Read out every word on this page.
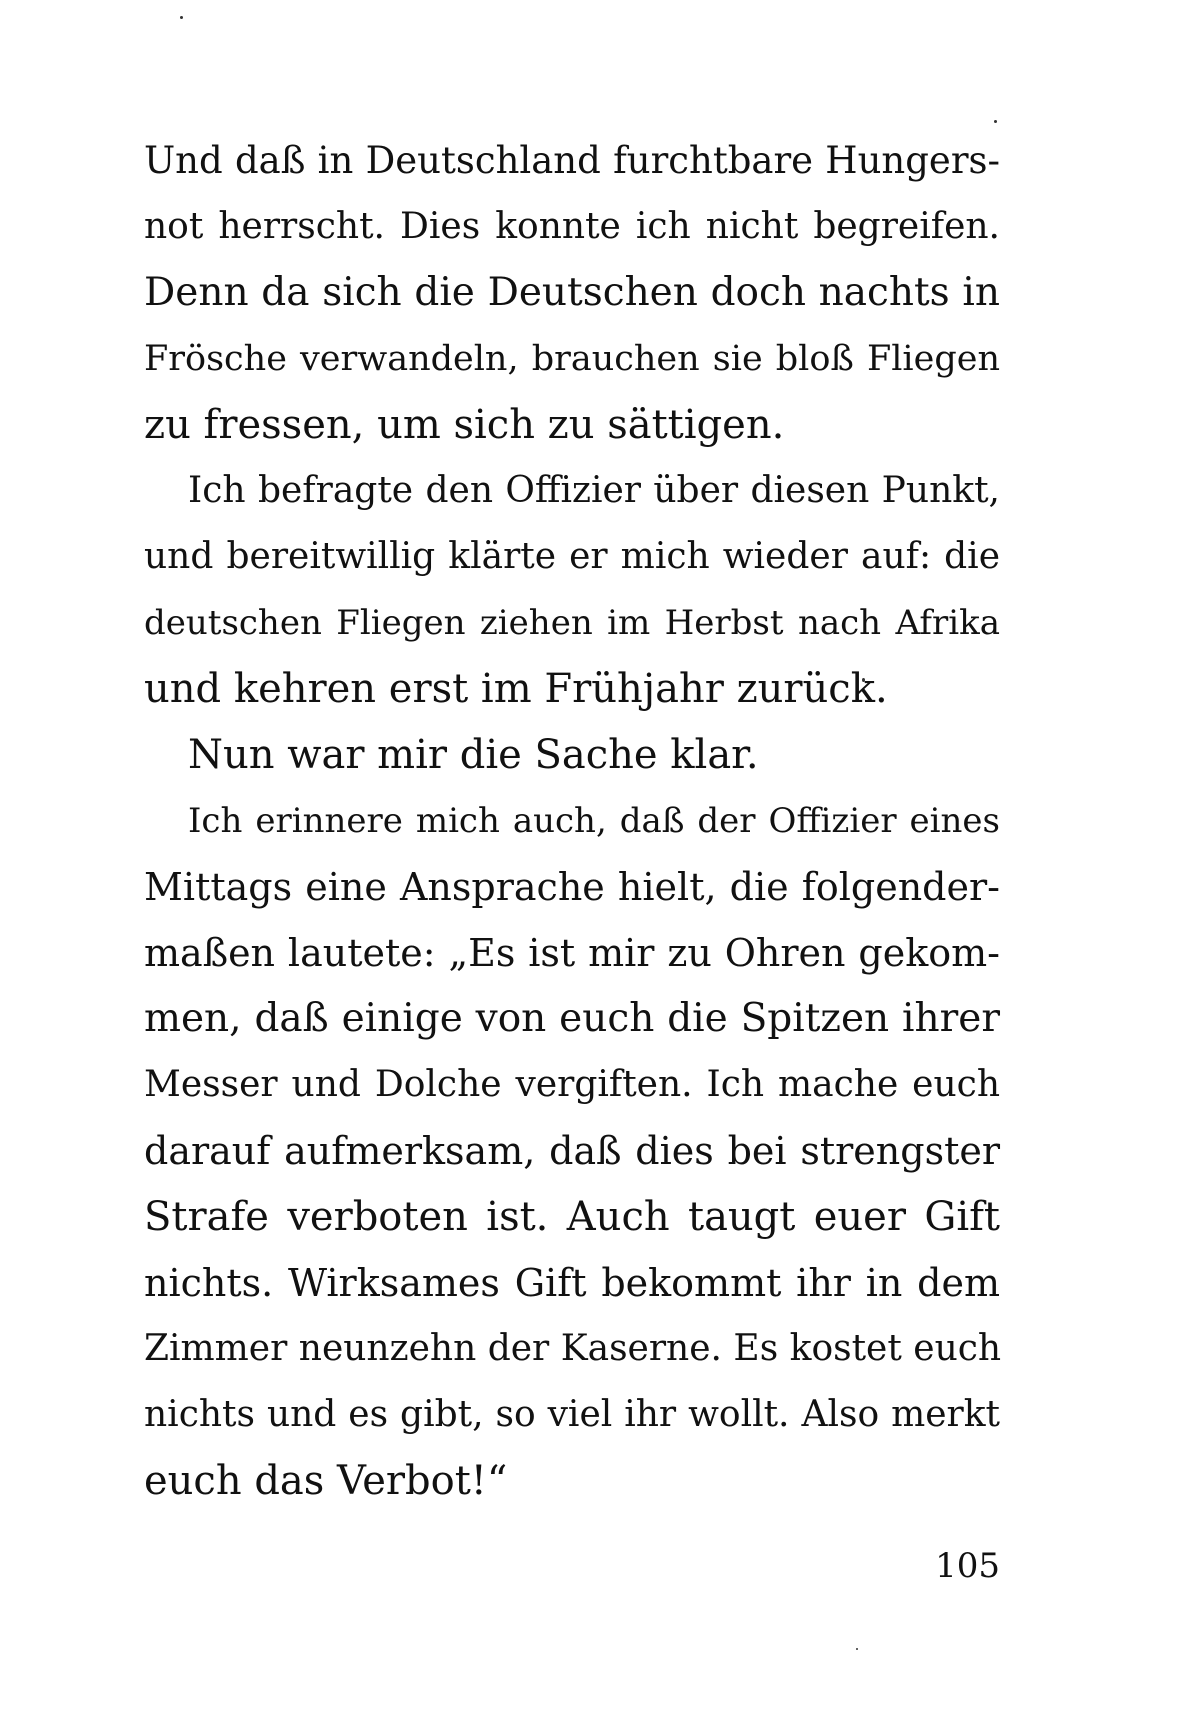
Und daß in Deutschland furchtbare Hungers-
not herrscht. Dies konnte ich nicht begreifen.
Denn da sich die Deutschen doch nachts in
Frösche verwandeln, brauchen sie bloß Fliegen
zu fressen, um sich zu sättigen.
Ich befragte den Offizier über diesen Punkt,
und bereitwillig klärte er mich wieder auf: die
deutschen Fliegen ziehen im Herbst nach Afrika
und kehren erst im Frühjahr zurück.
Nun war mir die Sache klar.
Ich erinnere mich auch, daß der Offizier eines
Mittags eine Ansprache hielt, die folgender-
maßen lautete: „Es ist mir zu Ohren gekom-
men, daß einige von euch die Spitzen ihrer
Messer und Dolche vergiften. Ich mache euch
darauf aufmerksam, daß dies bei strengster
Strafe verboten ist. Auch taugt euer Gift
nichts. Wirksames Gift bekommt ihr in dem
Zimmer neunzehn der Kaserne. Es kostet euch
nichts und es gibt, so viel ihr wollt. Also merkt
euch das Verbot!“
105
